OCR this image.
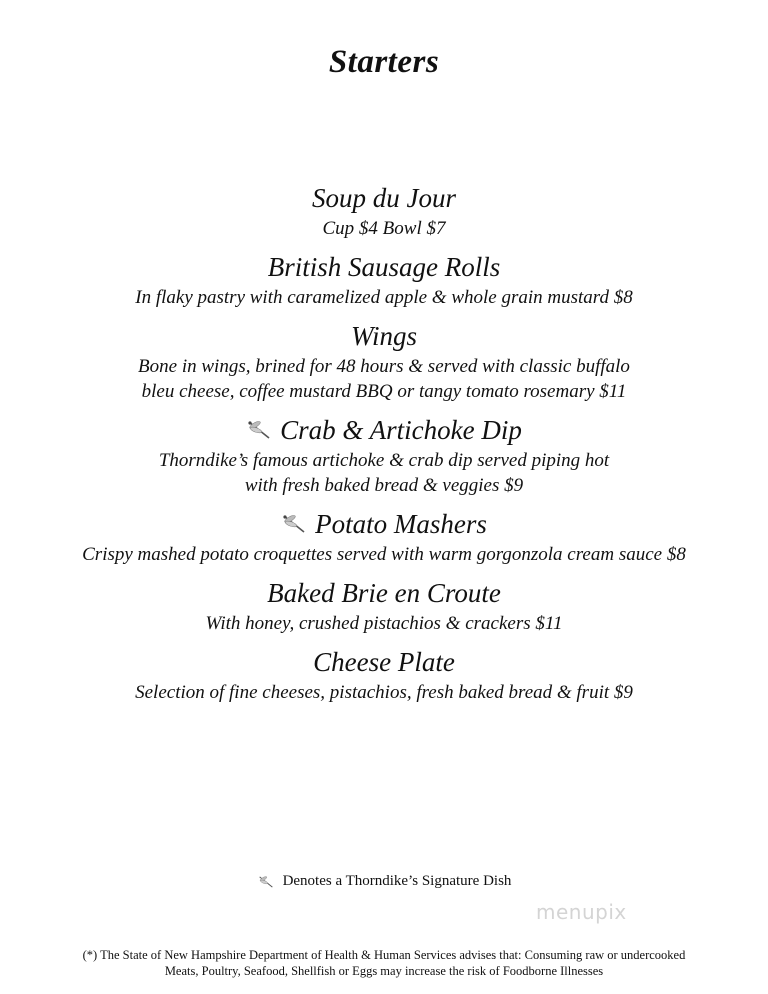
Starters
Soup du Jour
Cup $4 Bowl $7
British Sausage Rolls
In flaky pastry with caramelized apple & whole grain mustard $8
Wings
Bone in wings, brined for 48 hours & served with classic buffalo
bleu cheese, coffee mustard BBQ or tangy tomato rosemary $11
Crab & Artichoke Dip
Thorndike’s famous artichoke & crab dip served piping hot
with fresh baked bread & veggies $9
Potato Mashers
Crispy mashed potato croquettes served with warm gorgonzola cream sauce $8
Baked Brie en Croute
With honey, crushed pistachios & crackers $11
Cheese Plate
Selection of fine cheeses, pistachios, fresh baked bread & fruit $9
Denotes a Thorndike’s Signature Dish
menupix
(*) The State of New Hampshire Department of Health & Human Services advises that: Consuming raw or undercooked
Meats, Poultry, Seafood, Shellfish or Eggs may increase the risk of Foodborne Illnesses
